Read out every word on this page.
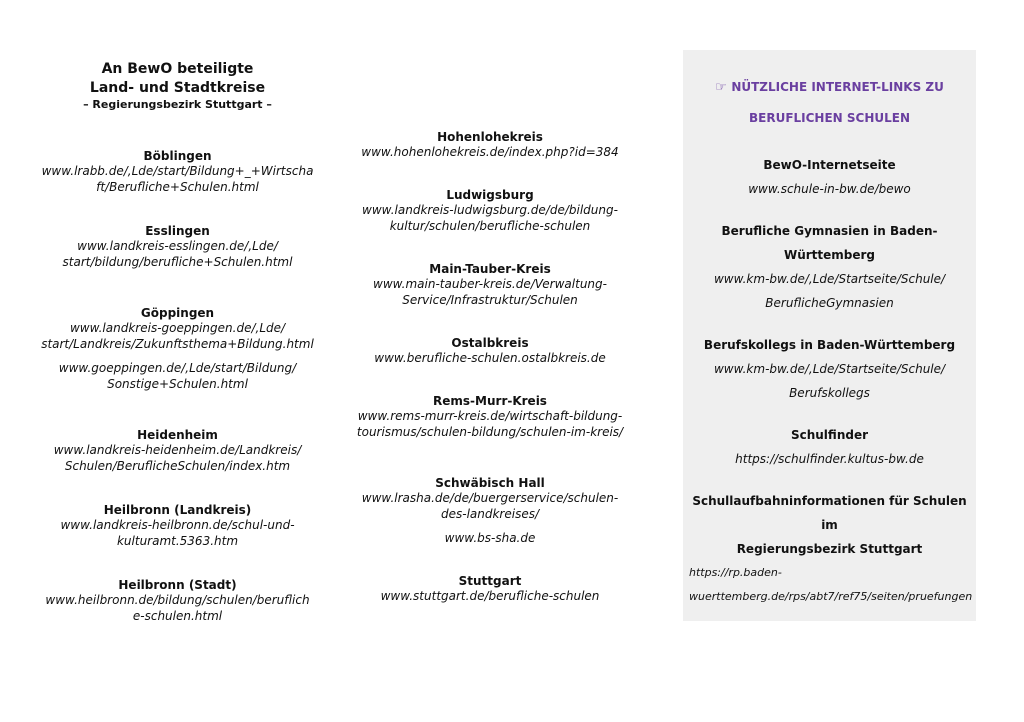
An BewO beteiligte
Land- und Stadtkreise
– Regierungsbezirk Stuttgart –
Böblingen
www.lrabb.de/,Lde/start/Bildung+_+Wirtscha
ft/Berufliche+Schulen.html
Esslingen
www.landkreis-esslingen.de/,Lde/
start/bildung/berufliche+Schulen.html
Göppingen
www.landkreis-goeppingen.de/,Lde/
start/Landkreis/Zukunftsthema+Bildung.html
www.goeppingen.de/,Lde/start/Bildung/
Sonstige+Schulen.html
Heidenheim
www.landkreis-heidenheim.de/Landkreis/
Schulen/BeruflicheSchulen/index.htm
Heilbronn (Landkreis)
www.landkreis-heilbronn.de/schul-und-
kulturamt.5363.htm
Heilbronn (Stadt)
www.heilbronn.de/bildung/schulen/beruflich
e-schulen.html
Hohenlohekreis
www.hohenlohekreis.de/index.php?id=384
Ludwigsburg
www.landkreis-ludwigsburg.de/de/bildung-
kultur/schulen/berufliche-schulen
Main-Tauber-Kreis
www.main-tauber-kreis.de/Verwaltung-
Service/Infrastruktur/Schulen
Ostalbkreis
www.berufliche-schulen.ostalbkreis.de
Rems-Murr-Kreis
www.rems-murr-kreis.de/wirtschaft-bildung-
tourismus/schulen-bildung/schulen-im-kreis/
Schwäbisch Hall
www.lrasha.de/de/buergerservice/schulen-
des-landkreises/
www.bs-sha.de
Stuttgart
www.stuttgart.de/berufliche-schulen
☞ NÜTZLICHE INTERNET-LINKS ZU
BERUFLICHEN SCHULEN
BewO-Internetseite
www.schule-in-bw.de/bewo
Berufliche Gymnasien in Baden-Württemberg
www.km-bw.de/,Lde/Startseite/Schule/
BeruflicheGymnasien
Berufskollegs in Baden-Württemberg
www.km-bw.de/,Lde/Startseite/Schule/
Berufskollegs
Schulfinder
https://schulfinder.kultus-bw.de
Schullaufbahninformationen für Schulen im
Regierungsbezirk Stuttgart
https://rp.baden-
wuerttemberg.de/rps/abt7/ref75/seiten/pruefungen
